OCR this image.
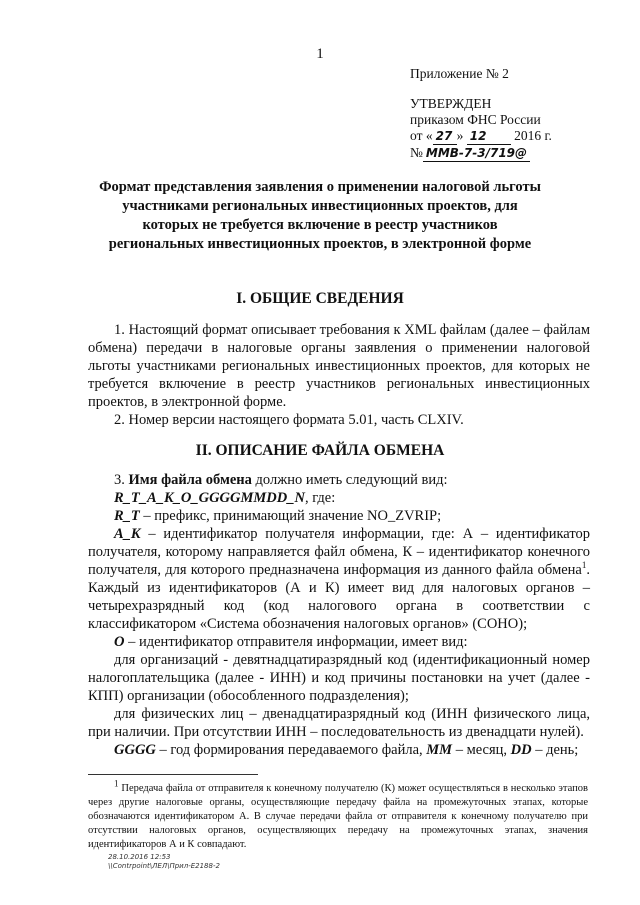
1
Приложение № 2
УТВЕРЖДЕН
приказом ФНС России
от « 27 » 12 2016 г.
№ ММВ-7-3/719@
Формат представления заявления о применении налоговой льготы
участниками региональных инвестиционных проектов, для
которых не требуется включение в реестр участников
региональных инвестиционных проектов, в электронной форме
I. ОБЩИЕ СВЕДЕНИЯ

1. Настоящий формат описывает требования к XML файлам (далее – файлам обмена) передачи в налоговые органы заявления о применении налоговой льготы участниками региональных инвестиционных проектов, для которых не требуется включение в реестр участников региональных инвестиционных проектов, в электронной форме.

2. Номер версии настоящего формата 5.01, часть CLXIV.

II. ОПИСАНИЕ ФАЙЛА ОБМЕНА

3. Имя файла обмена должно иметь следующий вид:

R_T_A_K_O_GGGGMMDD_N, где:

R_T – префикс, принимающий значение NO_ZVRIP;

A_K – идентификатор получателя информации, где: А – идентификатор получателя, которому направляется файл обмена, К – идентификатор конечного получателя, для которого предназначена информация из данного файла обмена$^1$. Каждый из идентификаторов (А и К) имеет вид для налоговых органов – четырехразрядный код (код налогового органа в соответствии с классификатором «Система обозначения налоговых органов» (СОНО);

O – идентификатор отправителя информации, имеет вид:

для организаций - девятнадцатиразрядный код (идентификационный номер налогоплательщика (далее - ИНН) и код причины постановки на учет (далее - КПП) организации (обособленного подразделения);

для физических лиц – двенадцатиразрядный код (ИНН физического лица, при наличии. При отсутствии ИНН – последовательность из двенадцати нулей).

GGGG – год формирования передаваемого файла, MM – месяц, DD – день;

$^1$ Передача файла от отправителя к конечному получателю (К) может осуществляться в несколько этапов через другие налоговые органы, осуществляющие передачу файла на промежуточных этапах, которые обозначаются идентификатором А. В случае передачи файла от отправителя к конечному получателю при отсутствии налоговых органов, осуществляющих передачу на промежуточных этапах, значения идентификаторов А и К совпадают.

28.10.2016 12:53
\\Contrpoint\ЛЕЛ\Прил-Е2188-2
